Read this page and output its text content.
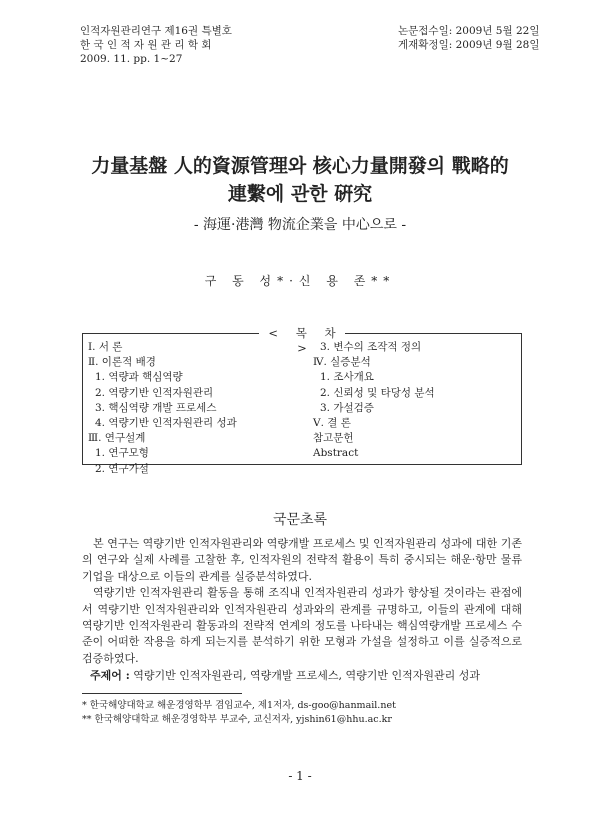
인적자원관리연구 제16권 특별호
한 국 인 적 자 원 관 리 학 회
2009. 11. pp. 1~27
논문접수일: 2009년 5월 22일
게재확정일: 2009년 9월 28일
力量基盤 人的資源管理와 核心力量開發의 戰略的
連繫에 관한 硏究
- 海運·港灣 物流企業을 中心으로 -
구 동 성*·신 용 존**
< 목 차 >
Ⅰ. 서 론
Ⅱ. 이론적 배경
1. 역량과 핵심역량
2. 역량기반 인적자원관리
3. 핵심역량 개발 프로세스
4. 역량기반 인적자원관리 성과
Ⅲ. 연구설계
1. 연구모형
2. 연구가설
3. 변수의 조작적 정의
Ⅳ. 실증분석
1. 조사개요
2. 신뢰성 및 타당성 분석
3. 가설검증
Ⅴ. 결 론
참고문헌
Abstract
국문초록

본 연구는 역량기반 인적자원관리와 역량개발 프로세스 및 인적자원관리 성과에 대한 기존의 연구와 실제 사례를 고찰한 후, 인적자원의 전략적 활용이 특히 중시되는 해운·항만 물류기업을 대상으로 이들의 관계를 실증분석하였다.

역량기반 인적자원관리 활동을 통해 조직내 인적자원관리 성과가 향상될 것이라는 관점에서 역량기반 인적자원관리와 인적자원관리 성과와의 관계를 규명하고, 이들의 관계에 대해 역량기반 인적자원관리 활동과의 전략적 연계의 정도를 나타내는 핵심역량개발 프로세스 수준이 어떠한 작용을 하게 되는지를 분석하기 위한 모형과 가설을 설정하고 이를 실증적으로 검증하였다.

주제어 : 역량기반 인적자원관리, 역량개발 프로세스, 역량기반 인적자원관리 성과
* 한국해양대학교 해운경영학부 겸임교수, 제1저자, ds-goo@hanmail.net
** 한국해양대학교 해운경영학부 부교수, 교신저자, yjshin61@hhu.ac.kr
- 1 -
